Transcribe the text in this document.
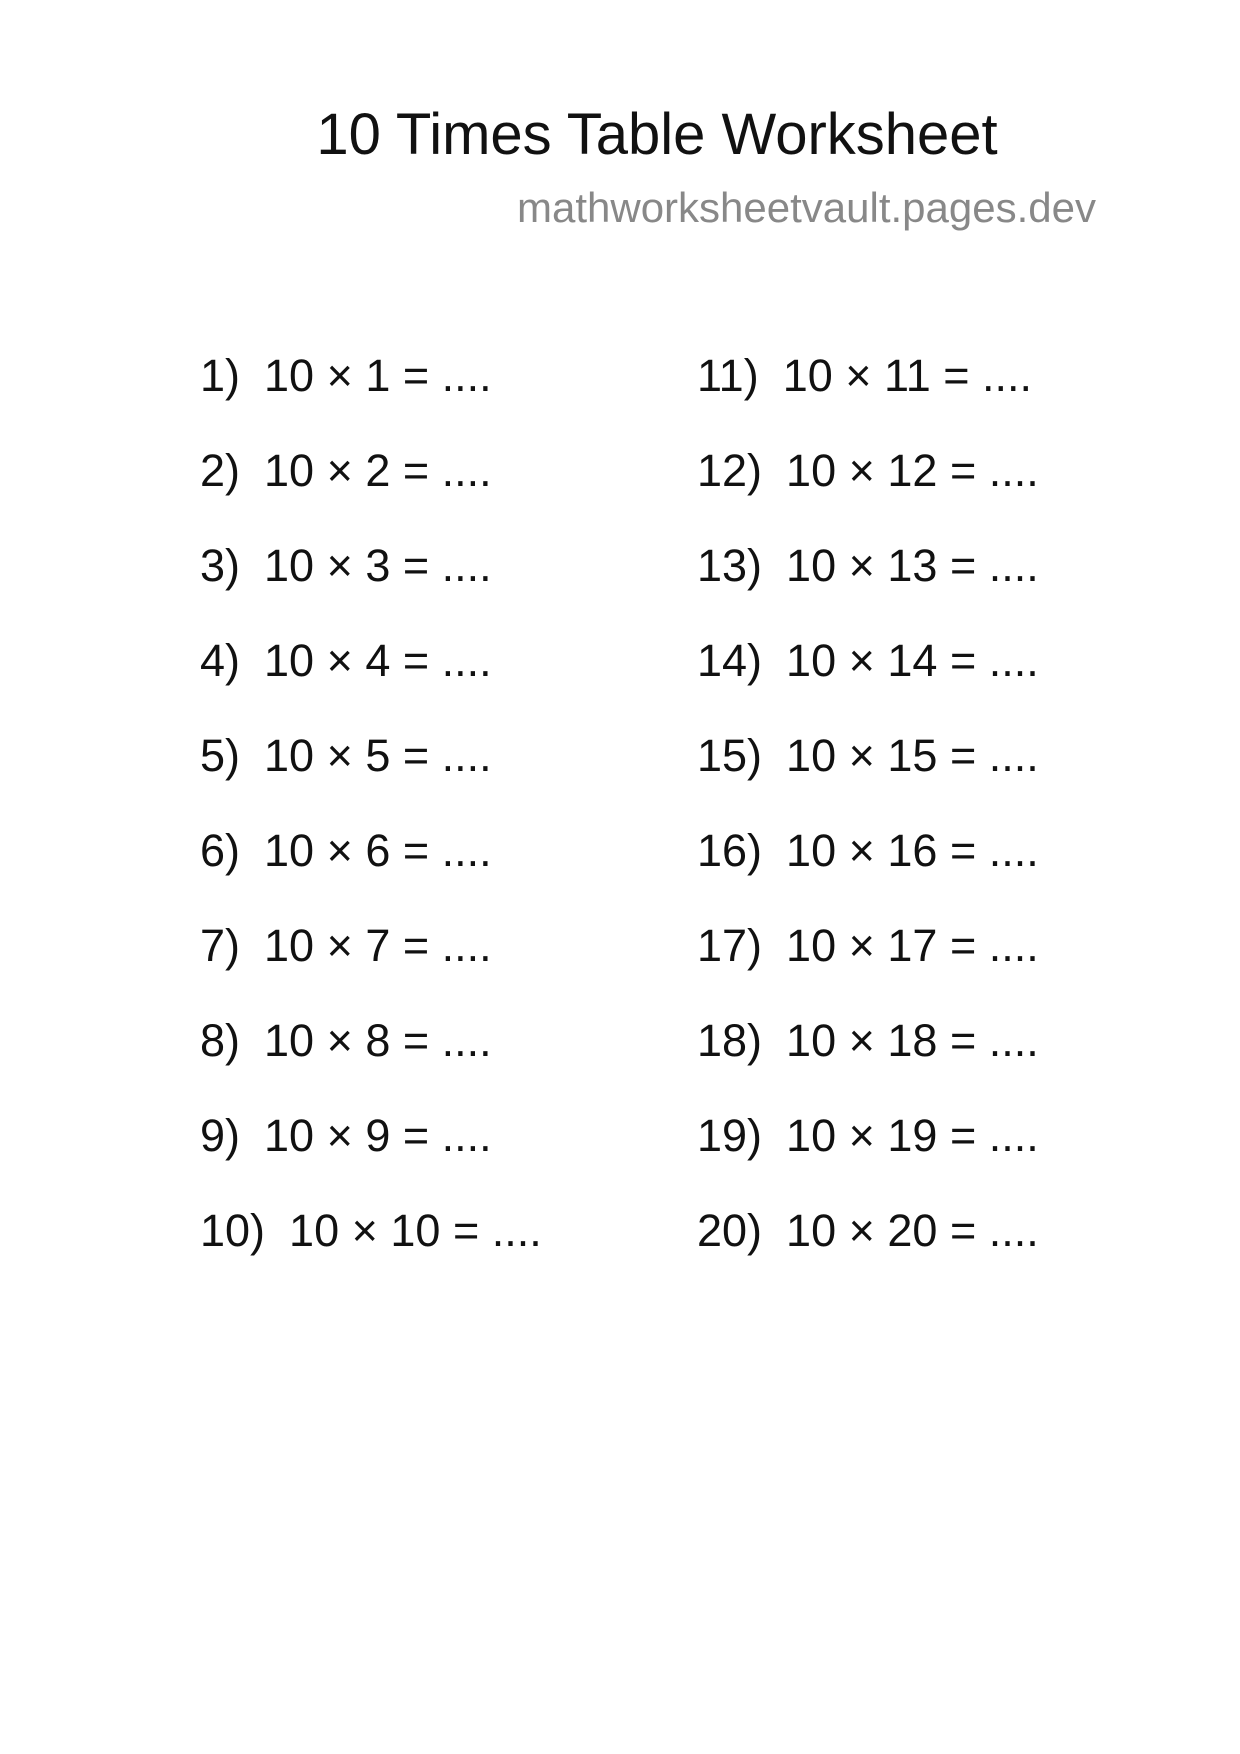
10 Times Table Worksheet
mathworksheetvault.pages.dev
1) 10 × 1 = ....
2) 10 × 2 = ....
3) 10 × 3 = ....
4) 10 × 4 = ....
5) 10 × 5 = ....
6) 10 × 6 = ....
7) 10 × 7 = ....
8) 10 × 8 = ....
9) 10 × 9 = ....
10) 10 × 10 = ....
11) 10 × 11 = ....
12) 10 × 12 = ....
13) 10 × 13 = ....
14) 10 × 14 = ....
15) 10 × 15 = ....
16) 10 × 16 = ....
17) 10 × 17 = ....
18) 10 × 18 = ....
19) 10 × 19 = ....
20) 10 × 20 = ....
